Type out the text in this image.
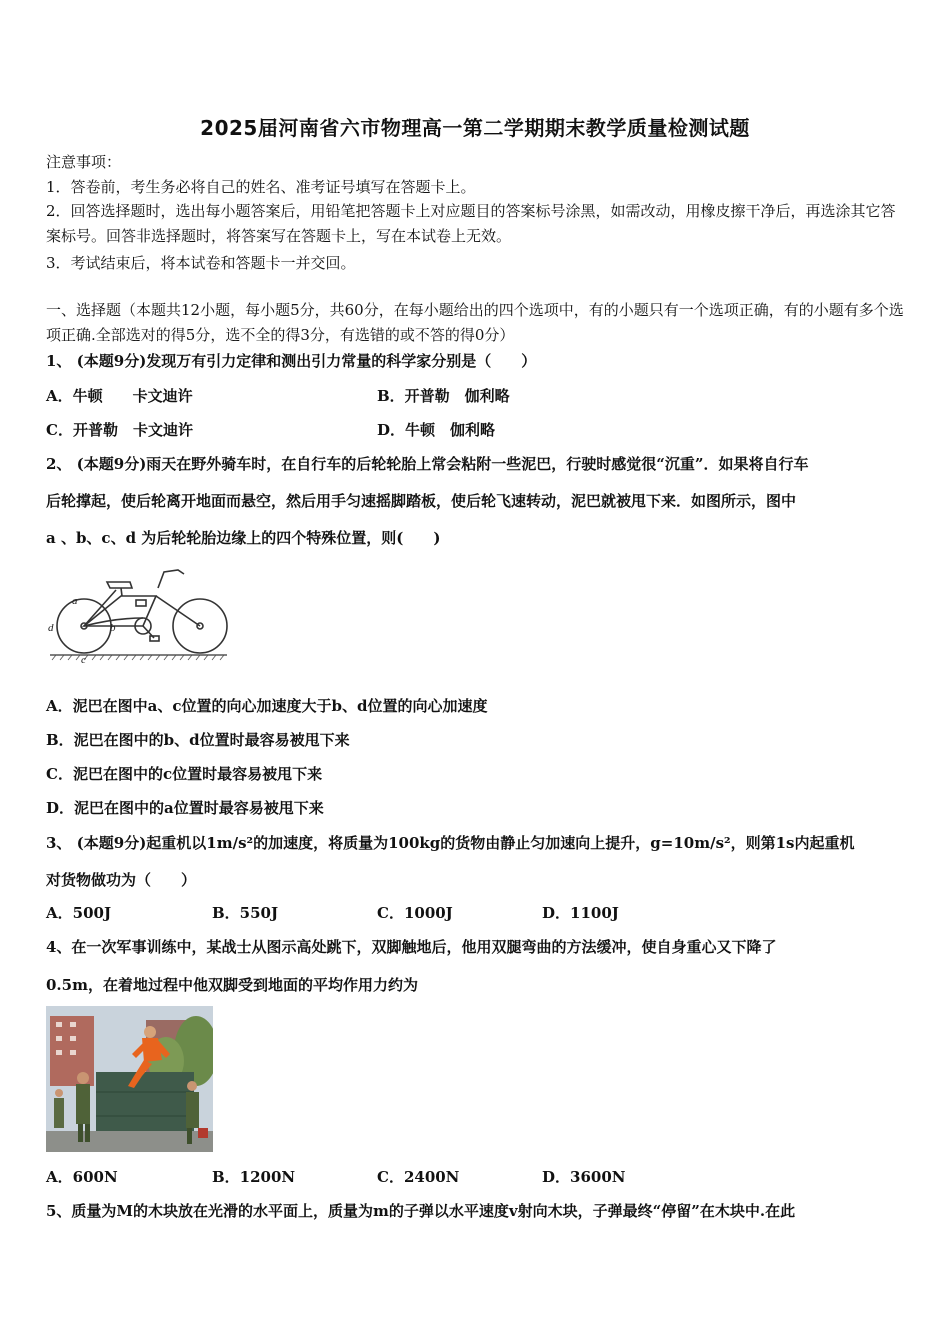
2025届河南省六市物理高一第二学期期末教学质量检测试题
注意事项：
1．答卷前，考生务必将自己的姓名、准考证号填写在答题卡上。
2．回答选择题时，选出每小题答案后，用铅笔把答题卡上对应题目的答案标号涂黑，如需改动，用橡皮擦干净后，再选涂其它答案标号。回答非选择题时，将答案写在答题卡上，写在本试卷上无效。
3．考试结束后，将本试卷和答题卡一并交回。
一、选择题（本题共12小题，每小题5分，共60分，在每小题给出的四个选项中，有的小题只有一个选项正确，有的小题有多个选项正确.全部选对的得5分，选不全的得3分，有选错的或不答的得0分）
1、 (本题9分)发现万有引力定律和测出引力常量的科学家分别是（　　）
A．牛顿　　卡文迪许	B．开普勒　伽利略
C．开普勒　卡文迪许	D．牛顿　伽利略
2、 (本题9分)雨天在野外骑车时，在自行车的后轮轮胎上常会粘附一些泥巴，行驶时感觉很“沉重”．如果将自行车
后轮撑起，使后轮离开地面而悬空，然后用手匀速摇脚踏板，使后轮飞速转动，泥巴就被甩下来．如图所示，图中
a 、b、c、d 为后轮轮胎边缘上的四个特殊位置，则(　　)
a
b
c
d
A．泥巴在图中a、c位置的向心加速度大于b、d位置的向心加速度
B．泥巴在图中的b、d位置时最容易被甩下来
C．泥巴在图中的c位置时最容易被甩下来
D．泥巴在图中的a位置时最容易被甩下来
3、 (本题9分)起重机以1m/s²的加速度，将质量为100kg的货物由静止匀加速向上提升，g=10m/s²，则第1s内起重机
对货物做功为（　　）
A．500J	B．550J	C．1000J	D．1100J
4、在一次军事训练中，某战士从图示高处跳下，双脚触地后，他用双腿弯曲的方法缓冲，使自身重心又下降了
0.5m，在着地过程中他双脚受到地面的平均作用力约为
A．600N	B．1200N	C．2400N	D．3600N
5、质量为M的木块放在光滑的水平面上，质量为m的子弹以水平速度v射向木块，子弹最终“停留”在木块中.在此
